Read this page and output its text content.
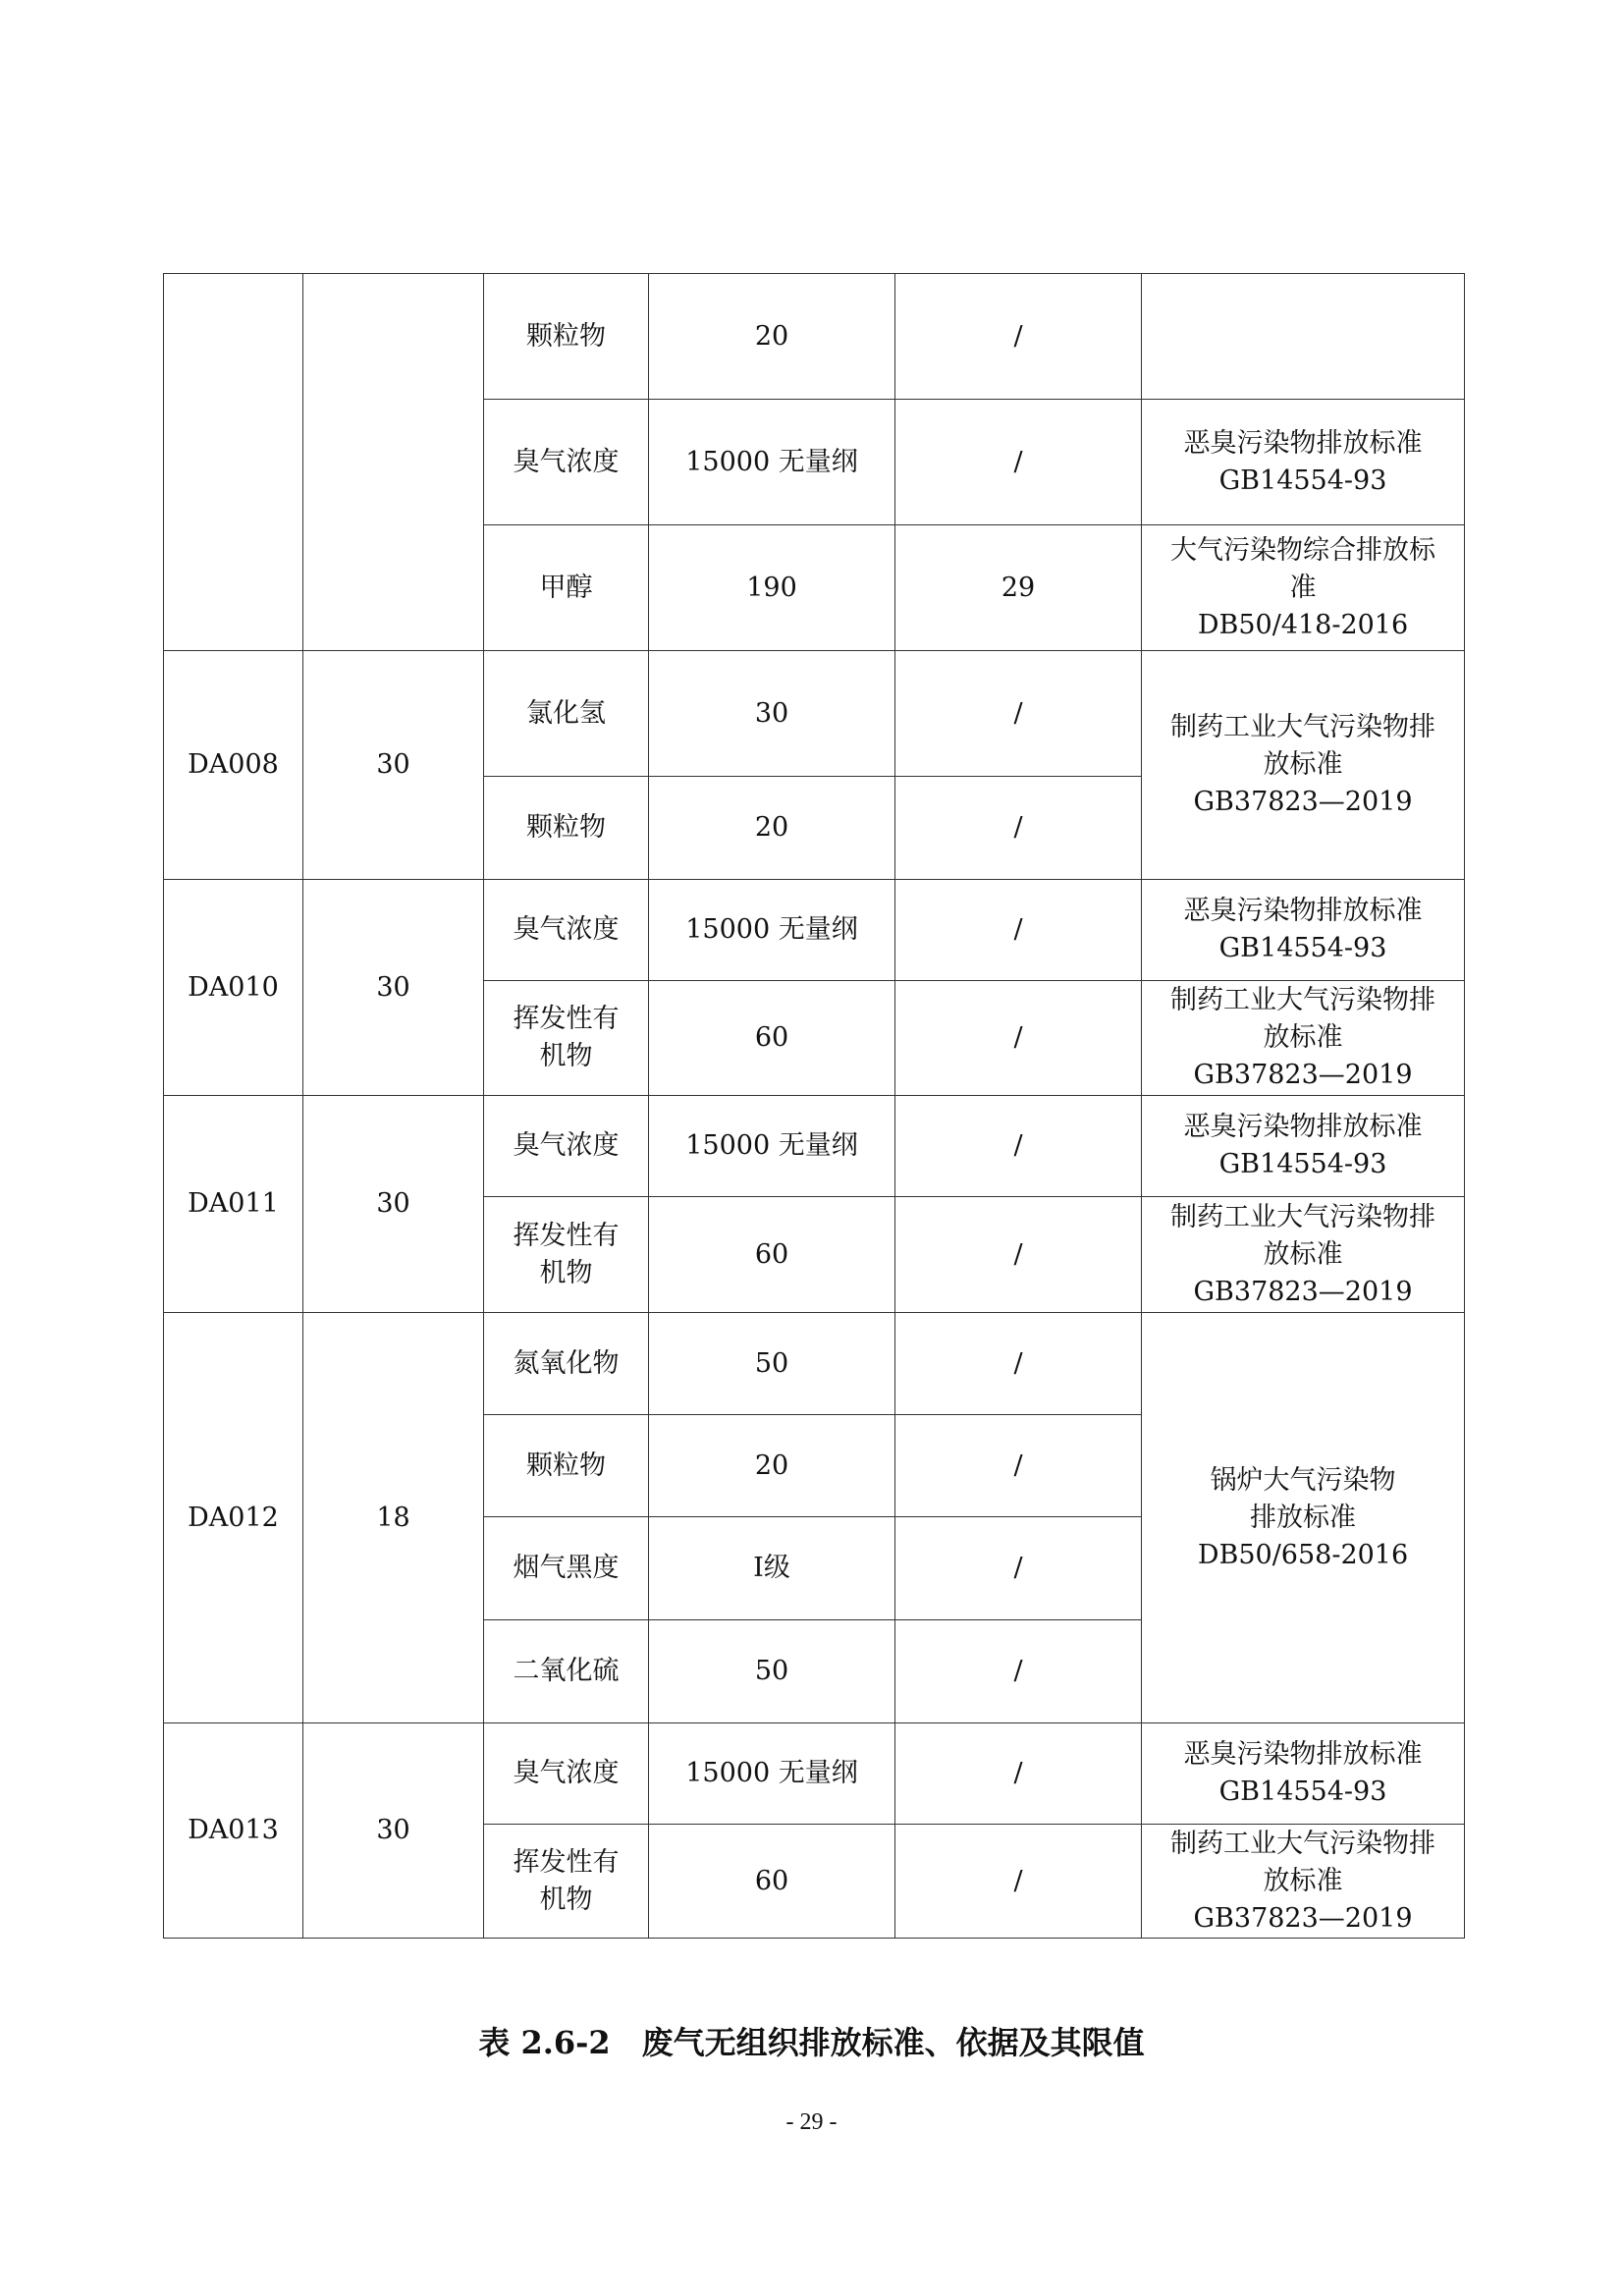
		颗粒物	20	/	
		臭气浓度	15000 无量纲	/	恶臭污染物排放标准
GB14554-93
		甲醇	190	29	大气污染物综合排放标
准
DB50/418-2016
DA008	30	氯化氢	30	/	制药工业大气污染物排
放标准
GB37823—2019
		颗粒物	20	/	
DA010	30	臭气浓度	15000 无量纲	/	恶臭污染物排放标准
GB14554-93
		挥发性有
机物	60	/	制药工业大气污染物排
放标准
GB37823—2019
DA011	30	臭气浓度	15000 无量纲	/	恶臭污染物排放标准
GB14554-93
		挥发性有
机物	60	/	制药工业大气污染物排
放标准
GB37823—2019
DA012	18	氮氧化物	50	/	锅炉大气污染物
排放标准
DB50/658-2016
		颗粒物	20	/	
		烟气黑度	Ⅰ级	/	
		二氧化硫	50	/	
DA013	30	臭气浓度	15000 无量纲	/	恶臭污染物排放标准
GB14554-93
		挥发性有
机物	60	/	制药工业大气污染物排
放标准
GB37823—2019
表 2.6-2　废气无组织排放标准、依据及其限值
- 29 -
